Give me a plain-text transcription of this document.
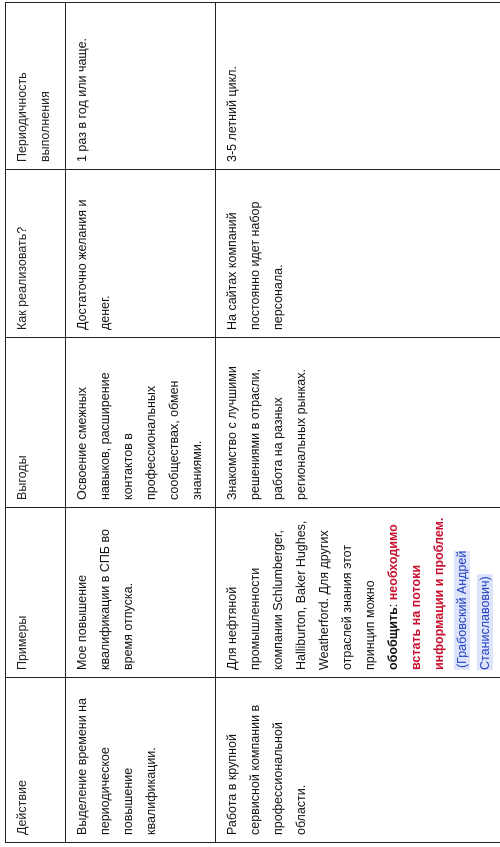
Действие	Примеры	Выгоды	Как реализовать?	Периодичность выполнения
Выделение времени на периодическое повышение квалификации.	Мое повышение квалификации в СПБ во время отпуска.	Освоение смежных навыков, расширение контактов в профессиональных сообществах, обмен знаниями.	Достаточно желания и денег.	1 раз в год или чаще.
Работа в крупной сервисной компании в профессиональной области.	Для нефтяной промышленности компании Schlumberger, Halliburton, Baker Hughes, Weatherford. Для других отраслей знания этот принцип можно обобщить: необходимо встать на потоки информации и проблем. (Грабовский Андрей Станиславович)	Знакомство с лучшими решениями в отрасли, работа на разных региональных рынках.	На сайтах компаний постоянно идет набор персонала.	3-5 летний цикл.
